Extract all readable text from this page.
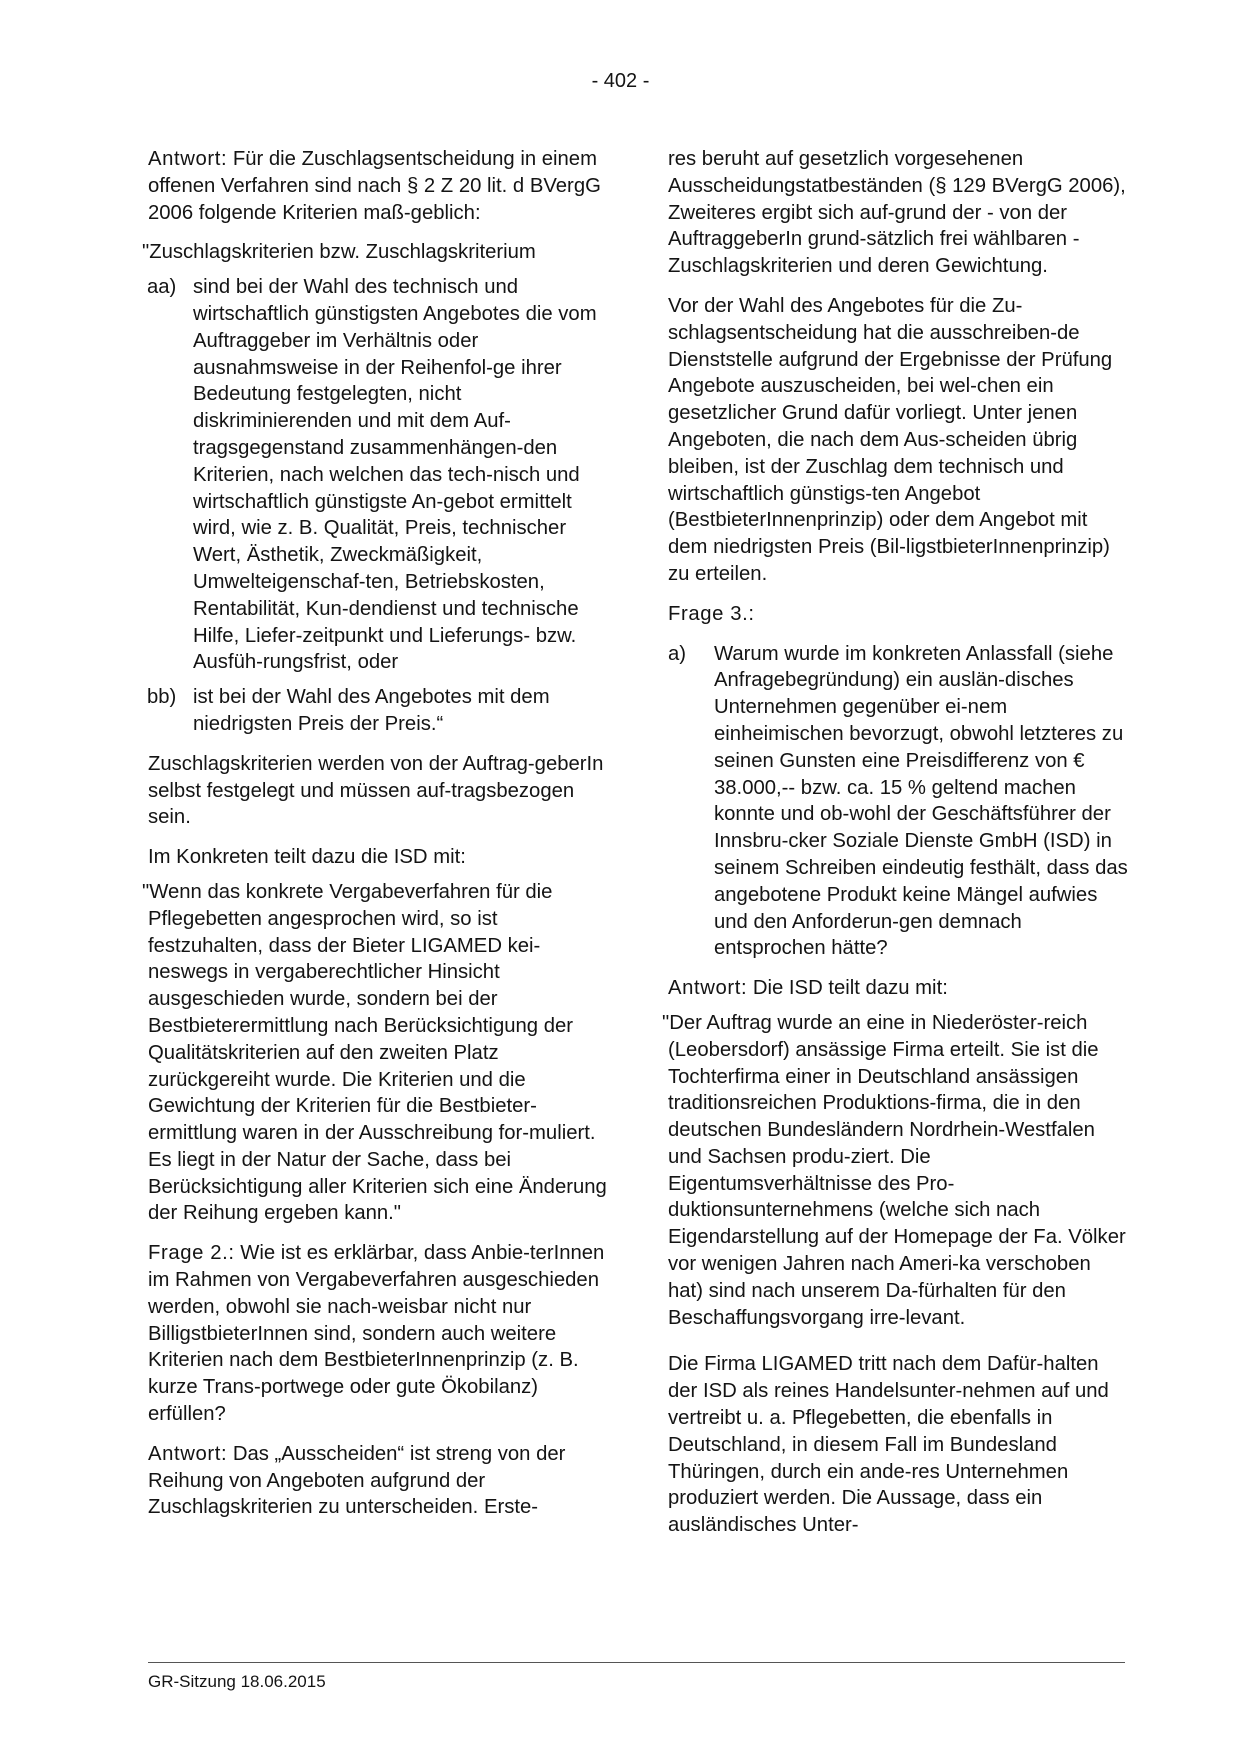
- 402 -

Antwort: Für die Zuschlagsentscheidung in einem offenen Verfahren sind nach § 2 Z 20 lit. d BVergG 2006 folgende Kriterien maß-geblich:

"Zuschlagskriterien bzw. Zuschlagskriterium

aa) sind bei der Wahl des technisch und wirtschaftlich günstigsten Angebotes die vom Auftraggeber im Verhältnis oder ausnahmsweise in der Reihenfol-ge ihrer Bedeutung festgelegten, nicht diskriminierenden und mit dem Auf-tragsgegenstand zusammenhängen-den Kriterien, nach welchen das tech-nisch und wirtschaftlich günstigste An-gebot ermittelt wird, wie z. B. Qualität, Preis, technischer Wert, Ästhetik, Zweckmäßigkeit, Umwelteigenschaf-ten, Betriebskosten, Rentabilität, Kun-dendienst und technische Hilfe, Liefer-zeitpunkt und Lieferungs- bzw. Ausfüh-rungsfrist, oder
bb) ist bei der Wahl des Angebotes mit dem niedrigsten Preis der Preis.“

Zuschlagskriterien werden von der Auftrag-geberIn selbst festgelegt und müssen auf-tragsbezogen sein.

Im Konkreten teilt dazu die ISD mit:

"Wenn das konkrete Vergabeverfahren für die Pflegebetten angesprochen wird, so ist festzuhalten, dass der Bieter LIGAMED kei-neswegs in vergaberechtlicher Hinsicht ausgeschieden wurde, sondern bei der Bestbieterermittlung nach Berücksichtigung der Qualitätskriterien auf den zweiten Platz zurückgereiht wurde. Die Kriterien und die Gewichtung der Kriterien für die Bestbieter-ermittlung waren in der Ausschreibung for-muliert. Es liegt in der Natur der Sache, dass bei Berücksichtigung aller Kriterien sich eine Änderung der Reihung ergeben kann."

Frage 2.: Wie ist es erklärbar, dass Anbie-terInnen im Rahmen von Vergabeverfahren ausgeschieden werden, obwohl sie nach-weisbar nicht nur BilligstbieterInnen sind, sondern auch weitere Kriterien nach dem BestbieterInnenprinzip (z. B. kurze Trans-portwege oder gute Ökobilanz) erfüllen?

Antwort: Das „Ausscheiden“ ist streng von der Reihung von Angeboten aufgrund der Zuschlagskriterien zu unterscheiden. Erste-

res beruht auf gesetzlich vorgesehenen Ausscheidungstatbeständen (§ 129 BVergG 2006), Zweiteres ergibt sich auf-grund der - von der AuftraggeberIn grund-sätzlich frei wählbaren - Zuschlagskriterien und deren Gewichtung.

Vor der Wahl des Angebotes für die Zu-schlagsentscheidung hat die ausschreiben-de Dienststelle aufgrund der Ergebnisse der Prüfung Angebote auszuscheiden, bei wel-chen ein gesetzlicher Grund dafür vorliegt. Unter jenen Angeboten, die nach dem Aus-scheiden übrig bleiben, ist der Zuschlag dem technisch und wirtschaftlich günstigs-ten Angebot (BestbieterInnenprinzip) oder dem Angebot mit dem niedrigsten Preis (Bil-ligstbieterInnenprinzip) zu erteilen.

Frage 3.:

a)	Warum wurde im konkreten Anlassfall (siehe Anfragebegründung) ein auslän-disches Unternehmen gegenüber ei-nem einheimischen bevorzugt, obwohl letzteres zu seinen Gunsten eine Preisdifferenz von € 38.000,-- bzw. ca. 15 % geltend machen konnte und ob-wohl der Geschäftsführer der Innsbru-cker Soziale Dienste GmbH (ISD) in seinem Schreiben eindeutig festhält, dass das angebotene Produkt keine Mängel aufwies und den Anforderun-gen demnach entsprochen hätte?

Antwort: Die ISD teilt dazu mit:

"Der Auftrag wurde an eine in Niederöster-reich (Leobersdorf) ansässige Firma erteilt. Sie ist die Tochterfirma einer in Deutschland ansässigen traditionsreichen Produktions-firma, die in den deutschen Bundesländern Nordrhein-Westfalen und Sachsen produ-ziert. Die Eigentumsverhältnisse des Pro-duktionsunternehmens (welche sich nach Eigendarstellung auf der Homepage der Fa. Völker vor wenigen Jahren nach Ameri-ka verschoben hat) sind nach unserem Da-fürhalten für den Beschaffungsvorgang irre-levant.

Die Firma LIGAMED tritt nach dem Dafür-halten der ISD als reines Handelsunter-nehmen auf und vertreibt u. a. Pflegebetten, die ebenfalls in Deutschland, in diesem Fall im Bundesland Thüringen, durch ein ande-res Unternehmen produziert werden. Die Aussage, dass ein ausländisches Unter-

GR-Sitzung 18.06.2015
